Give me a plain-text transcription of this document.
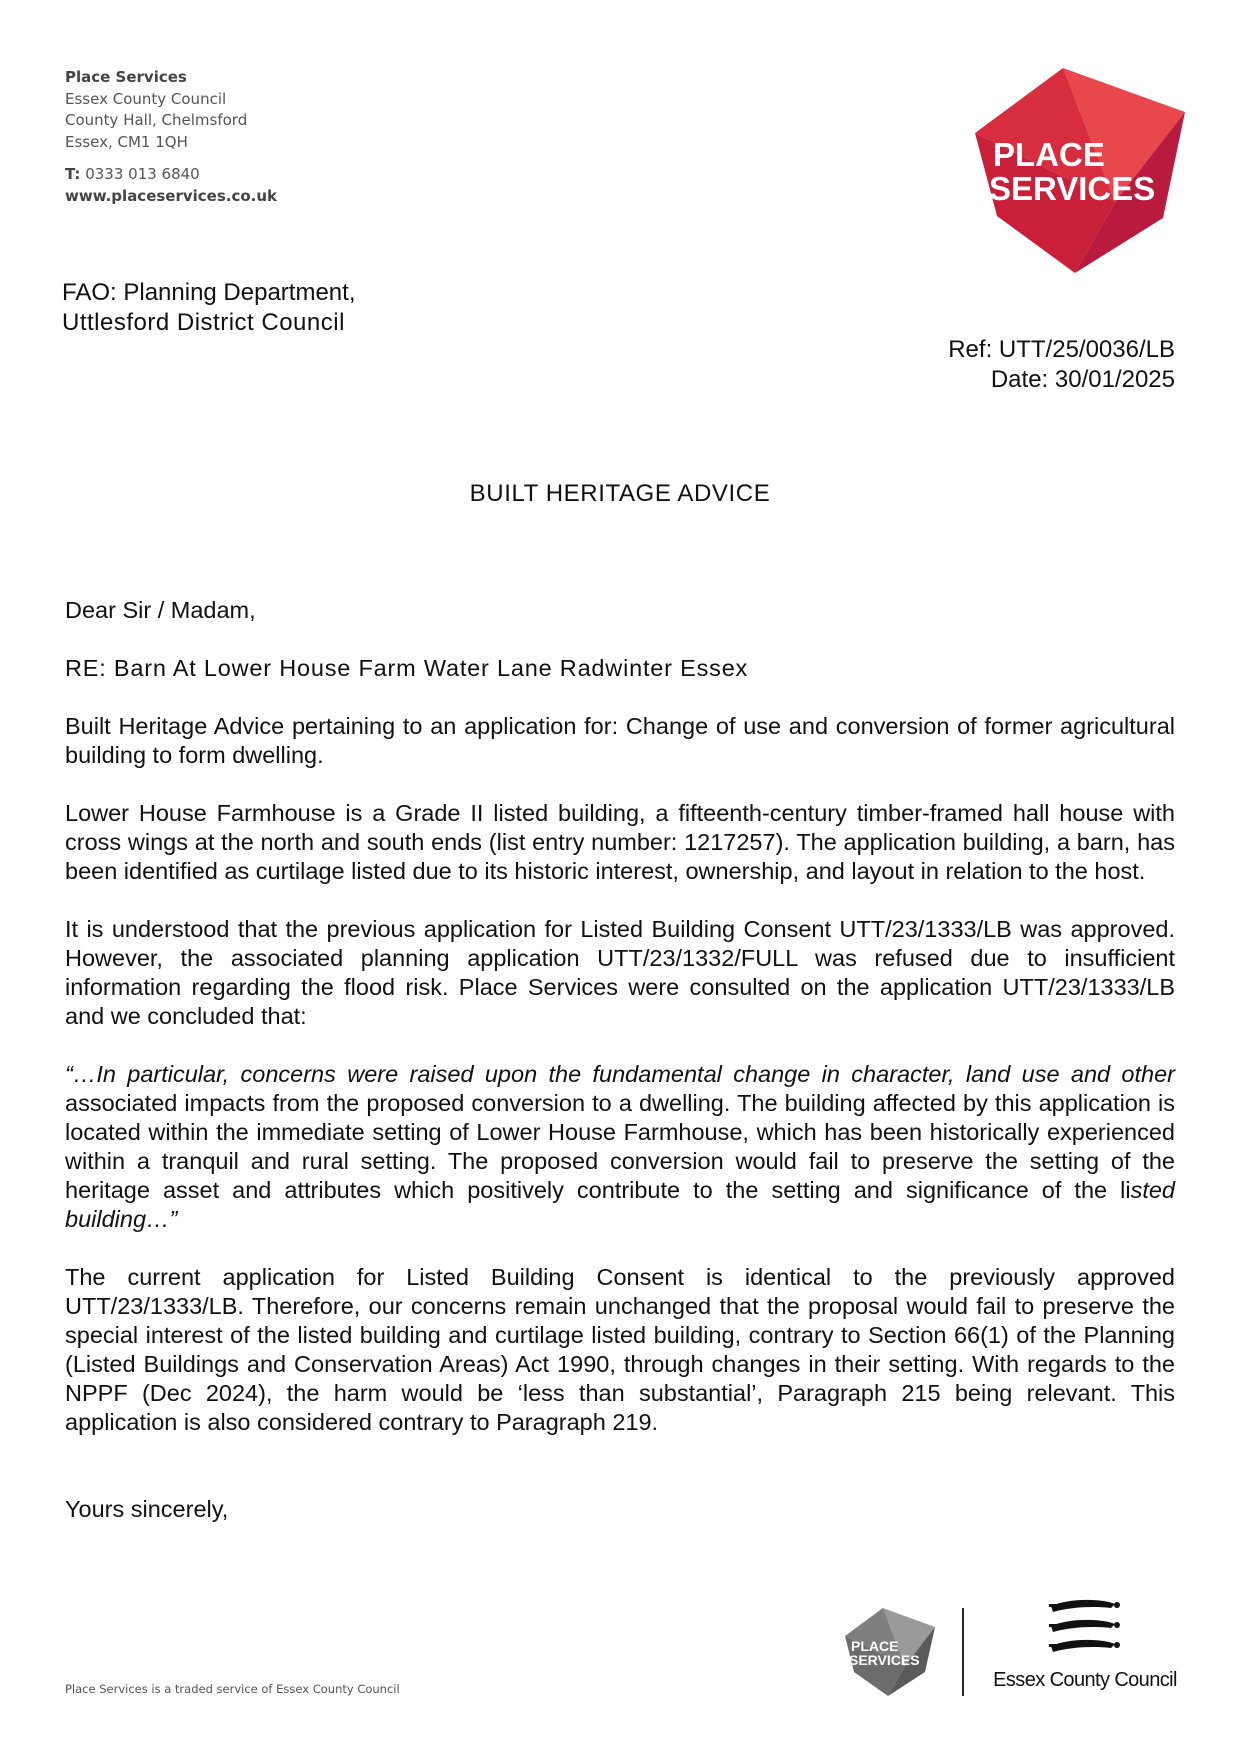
Place Services
Essex County Council
County Hall, Chelmsford
Essex, CM1 1QH
T: 0333 013 6840
www.placeservices.co.uk
PLACE
SERVICES
FAO: Planning Department,
Uttlesford District Council
Ref: UTT/25/0036/LB
Date: 30/01/2025
BUILT HERITAGE ADVICE

Dear Sir / Madam,

RE: Barn At Lower House Farm Water Lane Radwinter Essex

Built Heritage Advice pertaining to an application for: Change of use and conversion of former agricultural building to form dwelling.

Lower House Farmhouse is a Grade II listed building, a fifteenth-century timber-framed hall house with cross wings at the north and south ends (list entry number: 1217257). The application building, a barn, has been identified as curtilage listed due to its historic interest, ownership, and layout in relation to the host.

It is understood that the previous application for Listed Building Consent UTT/23/1333/LB was approved. However, the associated planning application UTT/23/1332/FULL was refused due to insufficient information regarding the flood risk. Place Services were consulted on the application UTT/23/1333/LB and we concluded that:

“…In particular, concerns were raised upon the fundamental change in character, land use and other associated impacts from the proposed conversion to a dwelling. The building affected by this application is located within the immediate setting of Lower House Farmhouse, which has been historically experienced within a tranquil and rural setting. The proposed conversion would fail to preserve the setting of the heritage asset and attributes which positively contribute to the setting and significance of the listed building…”

The current application for Listed Building Consent is identical to the previously approved UTT/23/1333/LB. Therefore, our concerns remain unchanged that the proposal would fail to preserve the special interest of the listed building and curtilage listed building, contrary to Section 66(1) of the Planning (Listed Buildings and Conservation Areas) Act 1990, through changes in their setting. With regards to the NPPF (Dec 2024), the harm would be ‘less than substantial’, Paragraph 215 being relevant. This application is also considered contrary to Paragraph 219.

Yours sincerely,

Place Services is a traded service of Essex County Council
PLACE
SERVICES
Essex County Council
